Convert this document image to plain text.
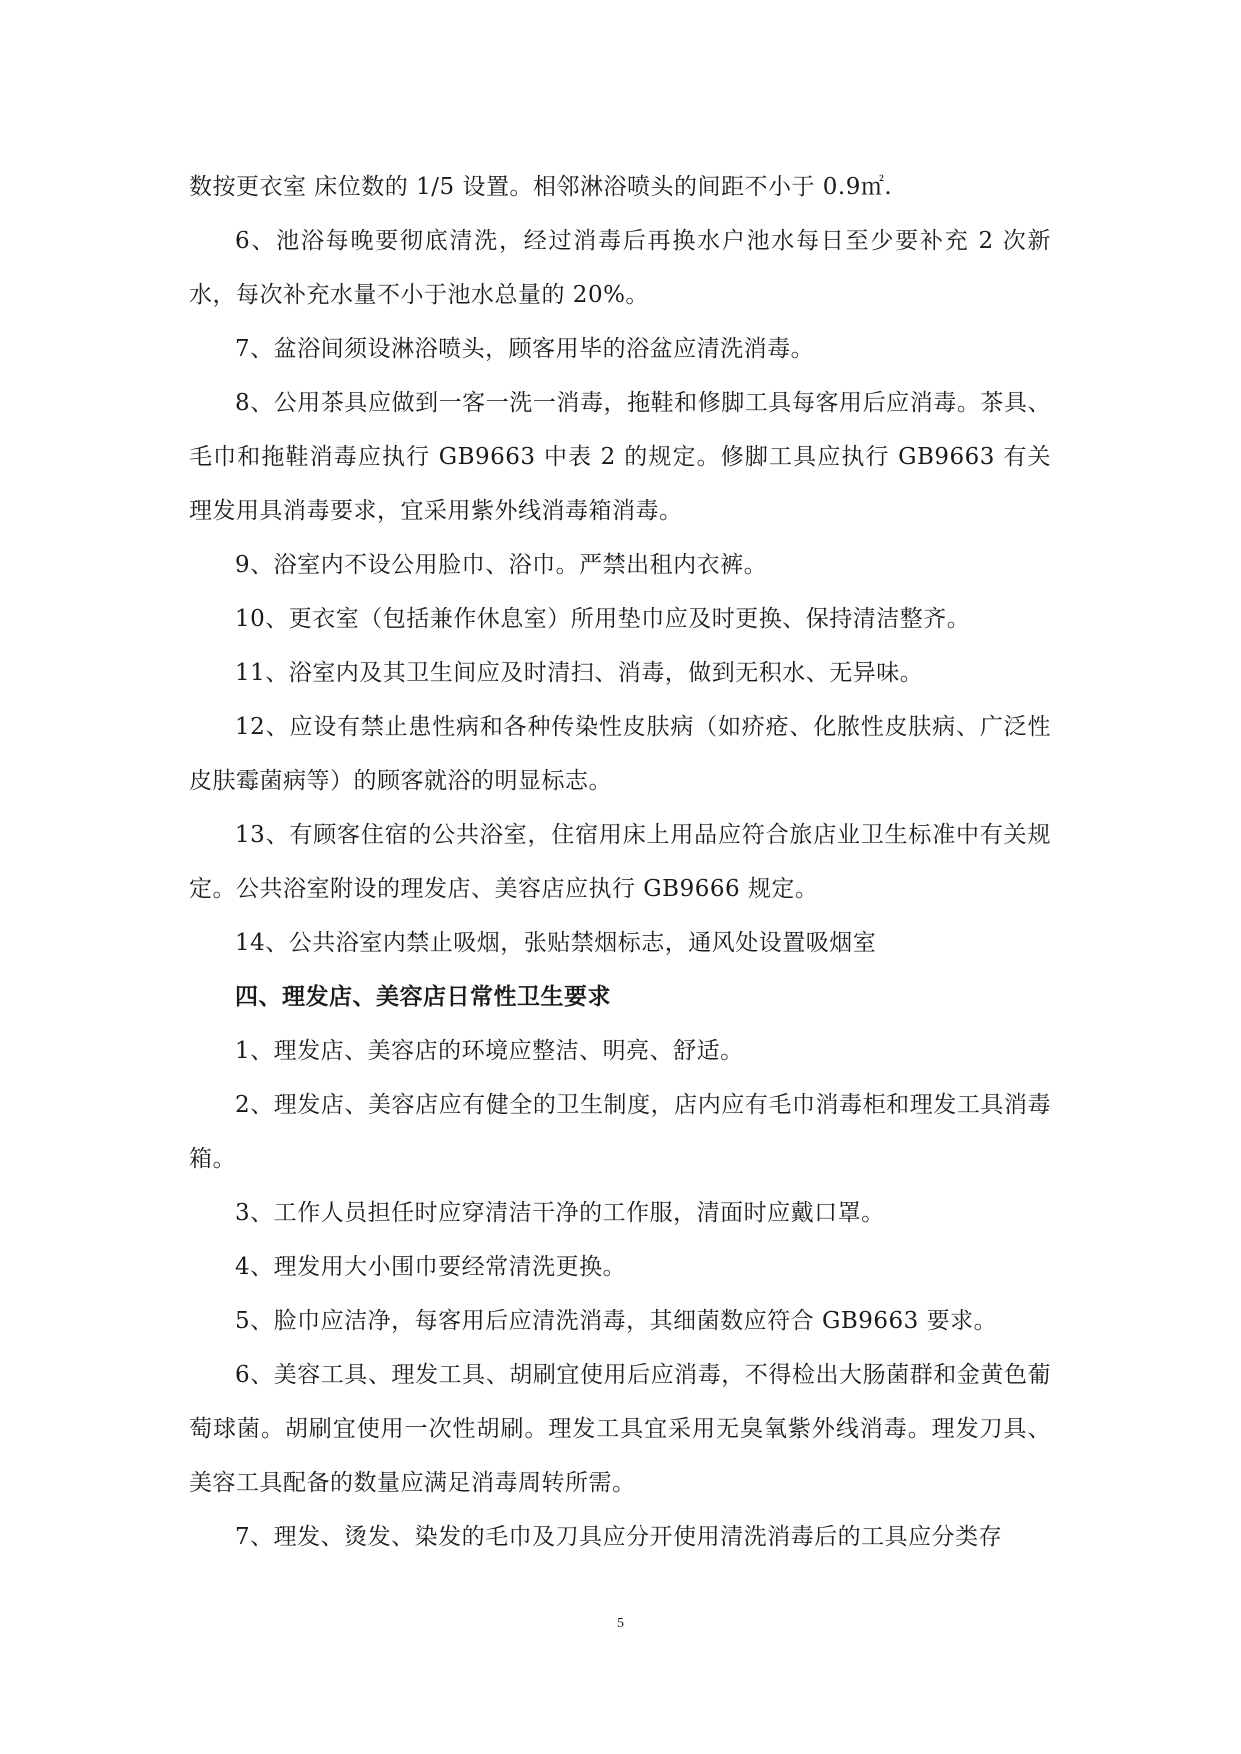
数按更衣室 床位数的 1/5 设置。相邻淋浴喷头的间距不小于 0.9㎡.

6、池浴每晚要彻底清洗，经过消毒后再换水户池水每日至少要补充 2 次新水，每次补充水量不小于池水总量的 20%。

7、盆浴间须设淋浴喷头，顾客用毕的浴盆应清洗消毒。

8、公用茶具应做到一客一洗一消毒，拖鞋和修脚工具每客用后应消毒。茶具、毛巾和拖鞋消毒应执行 GB9663 中表 2 的规定。修脚工具应执行 GB9663 有关理发用具消毒要求，宜采用紫外线消毒箱消毒。

9、浴室内不设公用脸巾、浴巾。严禁出租内衣裤。

10、更衣室（包括兼作休息室）所用垫巾应及时更换、保持清洁整齐。

11、浴室内及其卫生间应及时清扫、消毒，做到无积水、无异味。

12、应设有禁止患性病和各种传染性皮肤病（如疥疮、化脓性皮肤病、广泛性皮肤霉菌病等）的顾客就浴的明显标志。

13、有顾客住宿的公共浴室，住宿用床上用品应符合旅店业卫生标准中有关规定。公共浴室附设的理发店、美容店应执行 GB9666 规定。

14、公共浴室内禁止吸烟，张贴禁烟标志，通风处设置吸烟室

四、理发店、美容店日常性卫生要求

1、理发店、美容店的环境应整洁、明亮、舒适。

2、理发店、美容店应有健全的卫生制度，店内应有毛巾消毒柜和理发工具消毒箱。

3、工作人员担任时应穿清洁干净的工作服，清面时应戴口罩。

4、理发用大小围巾要经常清洗更换。

5、脸巾应洁净，每客用后应清洗消毒，其细菌数应符合 GB9663 要求。

6、美容工具、理发工具、胡刷宜使用后应消毒，不得检出大肠菌群和金黄色葡萄球菌。胡刷宜使用一次性胡刷。理发工具宜采用无臭氧紫外线消毒。理发刀具、美容工具配备的数量应满足消毒周转所需。

7、理发、烫发、染发的毛巾及刀具应分开使用清洗消毒后的工具应分类存

5
